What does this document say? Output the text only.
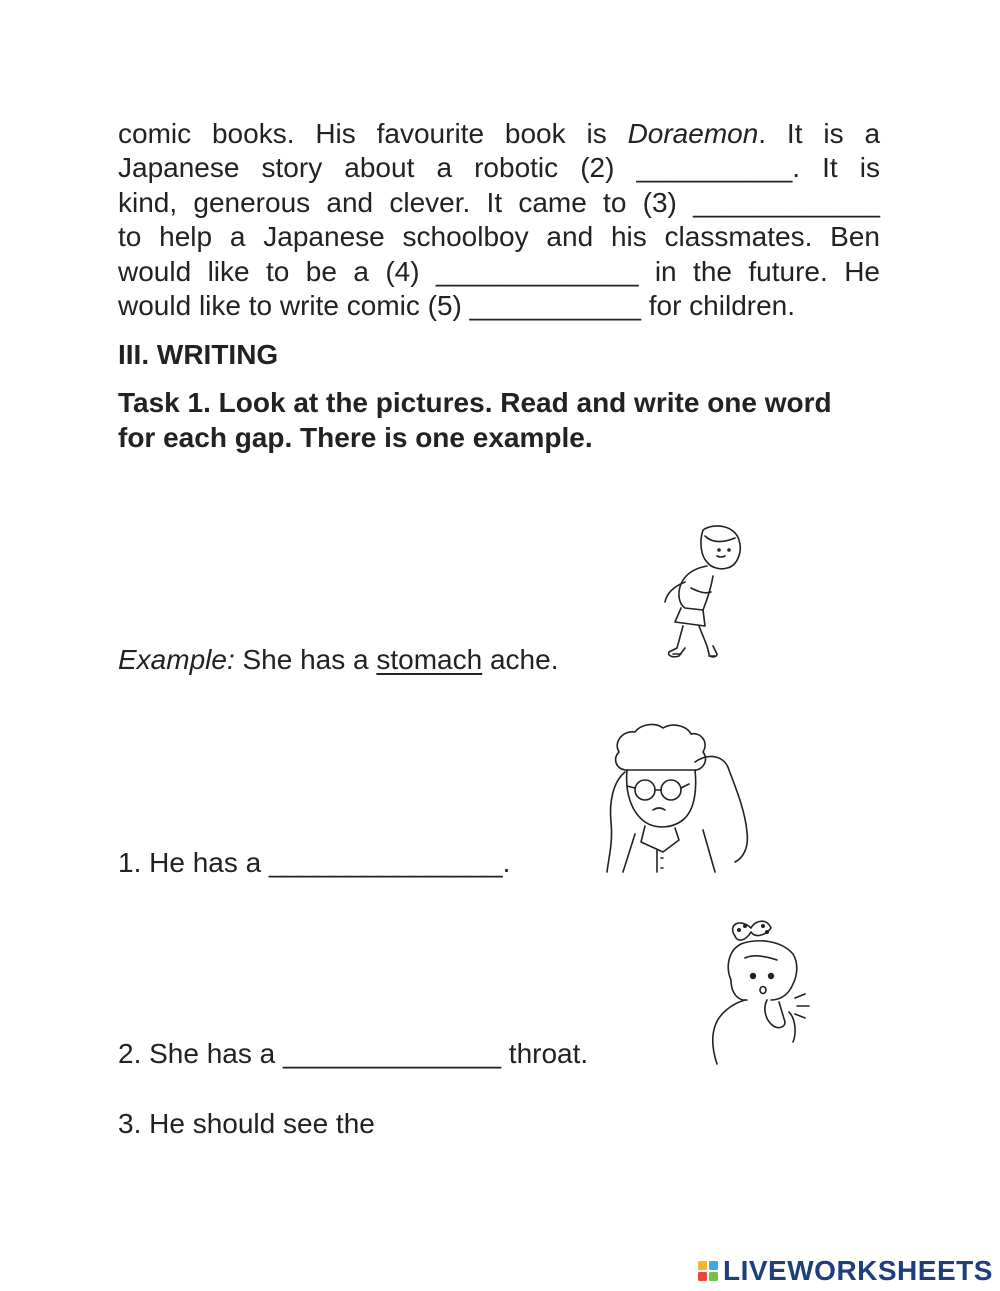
comic books. His favourite book is Doraemon. It is a
Japanese story about a robotic (2) __________. It is
kind, generous and clever. It came to (3) ____________
to help a Japanese schoolboy and his classmates. Ben
would like to be a (4) _____________ in the future. He
would like to write comic (5) ___________ for children.

III. WRITING

Task 1. Look at the pictures. Read and write one word for each gap. There is one example.

Example: She has a stomach ache.

1. He has a _______________.

2. She has a ______________ throat.

3. He should see the

LIVEWORKSHEETS
